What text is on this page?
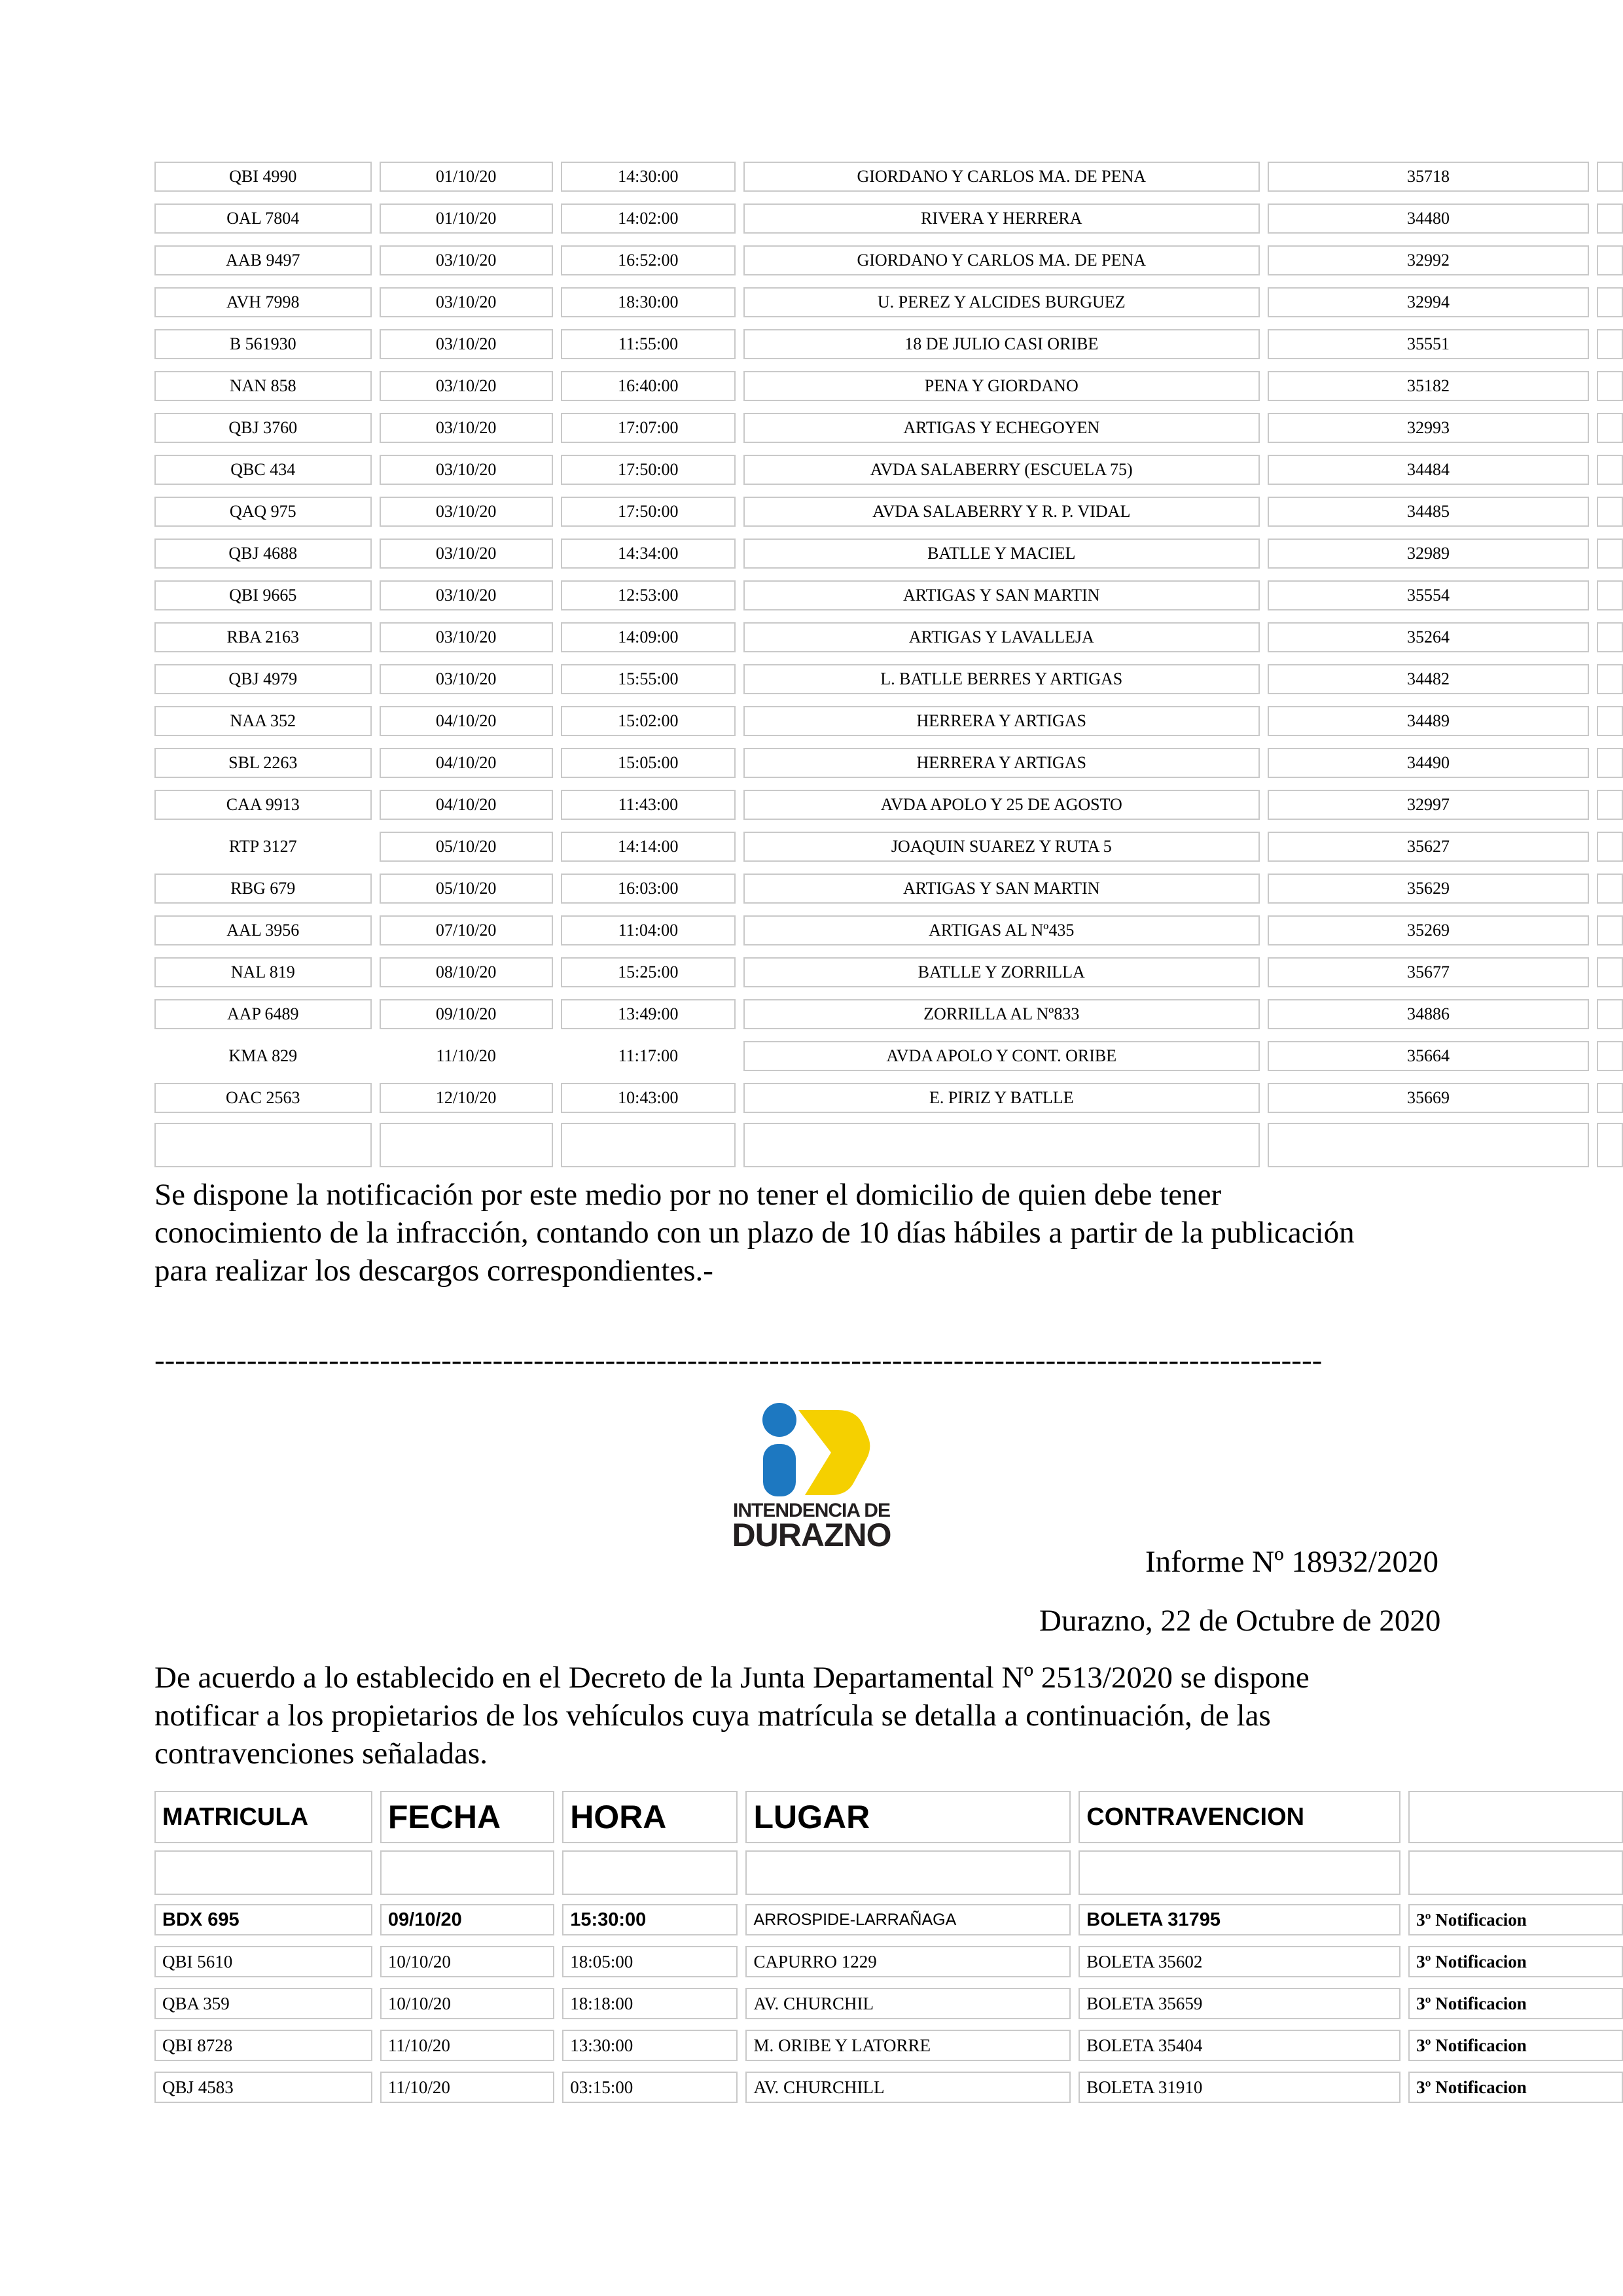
QBI 4990	01/10/20	14:30:00	GIORDANO Y CARLOS MA. DE PENA	35718
OAL 7804	01/10/20	14:02:00	RIVERA Y HERRERA	34480
AAB 9497	03/10/20	16:52:00	GIORDANO Y CARLOS MA. DE PENA	32992
AVH 7998	03/10/20	18:30:00	U. PEREZ Y ALCIDES BURGUEZ	32994
B 561930	03/10/20	11:55:00	18 DE JULIO CASI ORIBE	35551
NAN 858	03/10/20	16:40:00	PENA Y GIORDANO	35182
QBJ 3760	03/10/20	17:07:00	ARTIGAS Y ECHEGOYEN	32993
QBC 434	03/10/20	17:50:00	AVDA SALABERRY (ESCUELA 75)	34484
QAQ 975	03/10/20	17:50:00	AVDA SALABERRY Y R. P. VIDAL	34485
QBJ 4688	03/10/20	14:34:00	BATLLE Y MACIEL	32989
QBI 9665	03/10/20	12:53:00	ARTIGAS Y SAN MARTIN	35554
RBA 2163	03/10/20	14:09:00	ARTIGAS Y LAVALLEJA	35264
QBJ 4979	03/10/20	15:55:00	L. BATLLE BERRES Y ARTIGAS	34482
NAA 352	04/10/20	15:02:00	HERRERA Y ARTIGAS	34489
SBL 2263	04/10/20	15:05:00	HERRERA Y ARTIGAS	34490
CAA 9913	04/10/20	11:43:00	AVDA APOLO Y 25 DE AGOSTO	32997
RTP 3127	05/10/20	14:14:00	JOAQUIN SUAREZ Y RUTA 5	35627
RBG 679	05/10/20	16:03:00	ARTIGAS Y SAN MARTIN	35629
AAL 3956	07/10/20	11:04:00	ARTIGAS AL Nº435	35269
NAL 819	08/10/20	15:25:00	BATLLE Y ZORRILLA	35677
AAP 6489	09/10/20	13:49:00	ZORRILLA AL Nº833	34886
KMA 829	11/10/20	11:17:00	AVDA APOLO Y CONT. ORIBE	35664
OAC 2563	12/10/20	10:43:00	E. PIRIZ Y BATLLE	35669
Se dispone la notificación por este medio por no tener el domicilio de quien debe tener
conocimiento de la infracción, contando con un plazo de 10 días hábiles a partir de la publicación
para realizar los descargos correspondientes.-
------------------------------------------------------------------------------------------------------------------
INTENDENCIA DE
DURAZNO
Informe Nº 18932/2020
Durazno, 22 de Octubre de 2020
De acuerdo a lo establecido en el Decreto de la Junta Departamental Nº 2513/2020 se dispone
notificar a los propietarios de los vehículos cuya matrícula se detalla a continuación, de las
contravenciones señaladas.
MATRICULA	FECHA	HORA	LUGAR	CONTRAVENCION
BDX 695	09/10/20	15:30:00	ARROSPIDE-LARRAÑAGA	BOLETA 31795	3º Notificacion
QBI 5610	10/10/20	18:05:00	CAPURRO 1229	BOLETA 35602	3º Notificacion
QBA 359	10/10/20	18:18:00	AV. CHURCHIL	BOLETA 35659	3º Notificacion
QBI 8728	11/10/20	13:30:00	M. ORIBE Y LATORRE	BOLETA 35404	3º Notificacion
QBJ 4583	11/10/20	03:15:00	AV. CHURCHILL	BOLETA 31910	3º Notificacion
